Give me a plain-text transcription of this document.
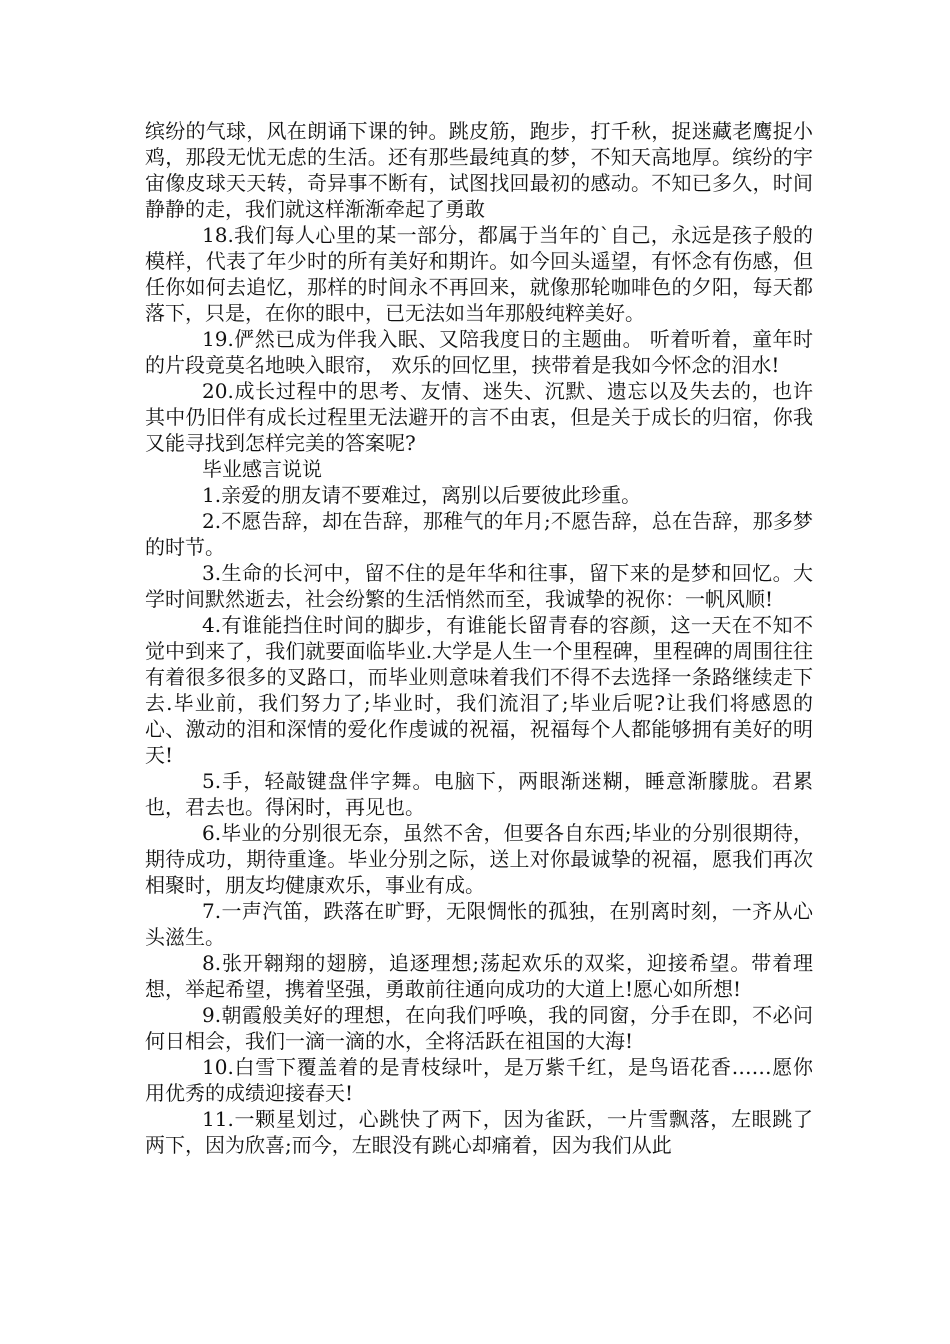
缤纷的气球，风在朗诵下课的钟。跳皮筋，跑步，打千秋，捉迷藏老鹰捉小鸡，那段无忧无虑的生活。还有那些最纯真的梦，不知天高地厚。缤纷的宇宙像皮球天天转，奇异事不断有，试图找回最初的感动。不知已多久，时间静静的走，我们就这样渐渐牵起了勇敢

18.我们每人心里的某一部分，都属于当年的`自己，永远是孩子般的模样，代表了年少时的所有美好和期许。如今回头遥望，有怀念有伤感，但任你如何去追忆，那样的时间永不再回来，就像那轮咖啡色的夕阳，每天都落下，只是，在你的眼中，已无法如当年那般纯粹美好。

19.俨然已成为伴我入眠、又陪我度日的主题曲。 听着听着，童年时的片段竟莫名地映入眼帘， 欢乐的回忆里，挟带着是我如今怀念的泪水!

20.成长过程中的思考、友情、迷失、沉默、遗忘以及失去的，也许其中仍旧伴有成长过程里无法避开的言不由衷，但是关于成长的归宿，你我又能寻找到怎样完美的答案呢?

毕业感言说说

1.亲爱的朋友请不要难过，离别以后要彼此珍重。

2.不愿告辞，却在告辞，那稚气的年月;不愿告辞，总在告辞，那多梦的时节。

3.生命的长河中，留不住的是年华和往事，留下来的是梦和回忆。大学时间默然逝去，社会纷繁的生活悄然而至，我诚挚的祝你：一帆风顺!

4.有谁能挡住时间的脚步，有谁能长留青春的容颜，这一天在不知不觉中到来了，我们就要面临毕业.大学是人生一个里程碑，里程碑的周围往往有着很多很多的叉路口，而毕业则意味着我们不得不去选择一条路继续走下去.毕业前，我们努力了;毕业时，我们流泪了;毕业后呢?让我们将感恩的心、激动的泪和深情的爱化作虔诚的祝福，祝福每个人都能够拥有美好的明天!

5.手，轻敲键盘伴字舞。电脑下，两眼渐迷糊，睡意渐朦胧。君累也，君去也。得闲时，再见也。

6.毕业的分别很无奈，虽然不舍，但要各自东西;毕业的分别很期待，期待成功，期待重逢。毕业分别之际，送上对你最诚挚的祝福，愿我们再次相聚时，朋友均健康欢乐，事业有成。

7.一声汽笛，跌落在旷野，无限惆怅的孤独，在别离时刻，一齐从心头滋生。

8.张开翱翔的翅膀，追逐理想;荡起欢乐的双桨，迎接希望。带着理想，举起希望，携着坚强，勇敢前往通向成功的大道上!愿心如所想!

9.朝霞般美好的理想，在向我们呼唤，我的同窗，分手在即，不必问何日相会，我们一滴一滴的水，全将活跃在祖国的大海!

10.白雪下覆盖着的是青枝绿叶，是万紫千红，是鸟语花香……愿你用优秀的成绩迎接春天!

11.一颗星划过，心跳快了两下，因为雀跃，一片雪飘落，左眼跳了两下，因为欣喜;而今，左眼没有跳心却痛着，因为我们从此
